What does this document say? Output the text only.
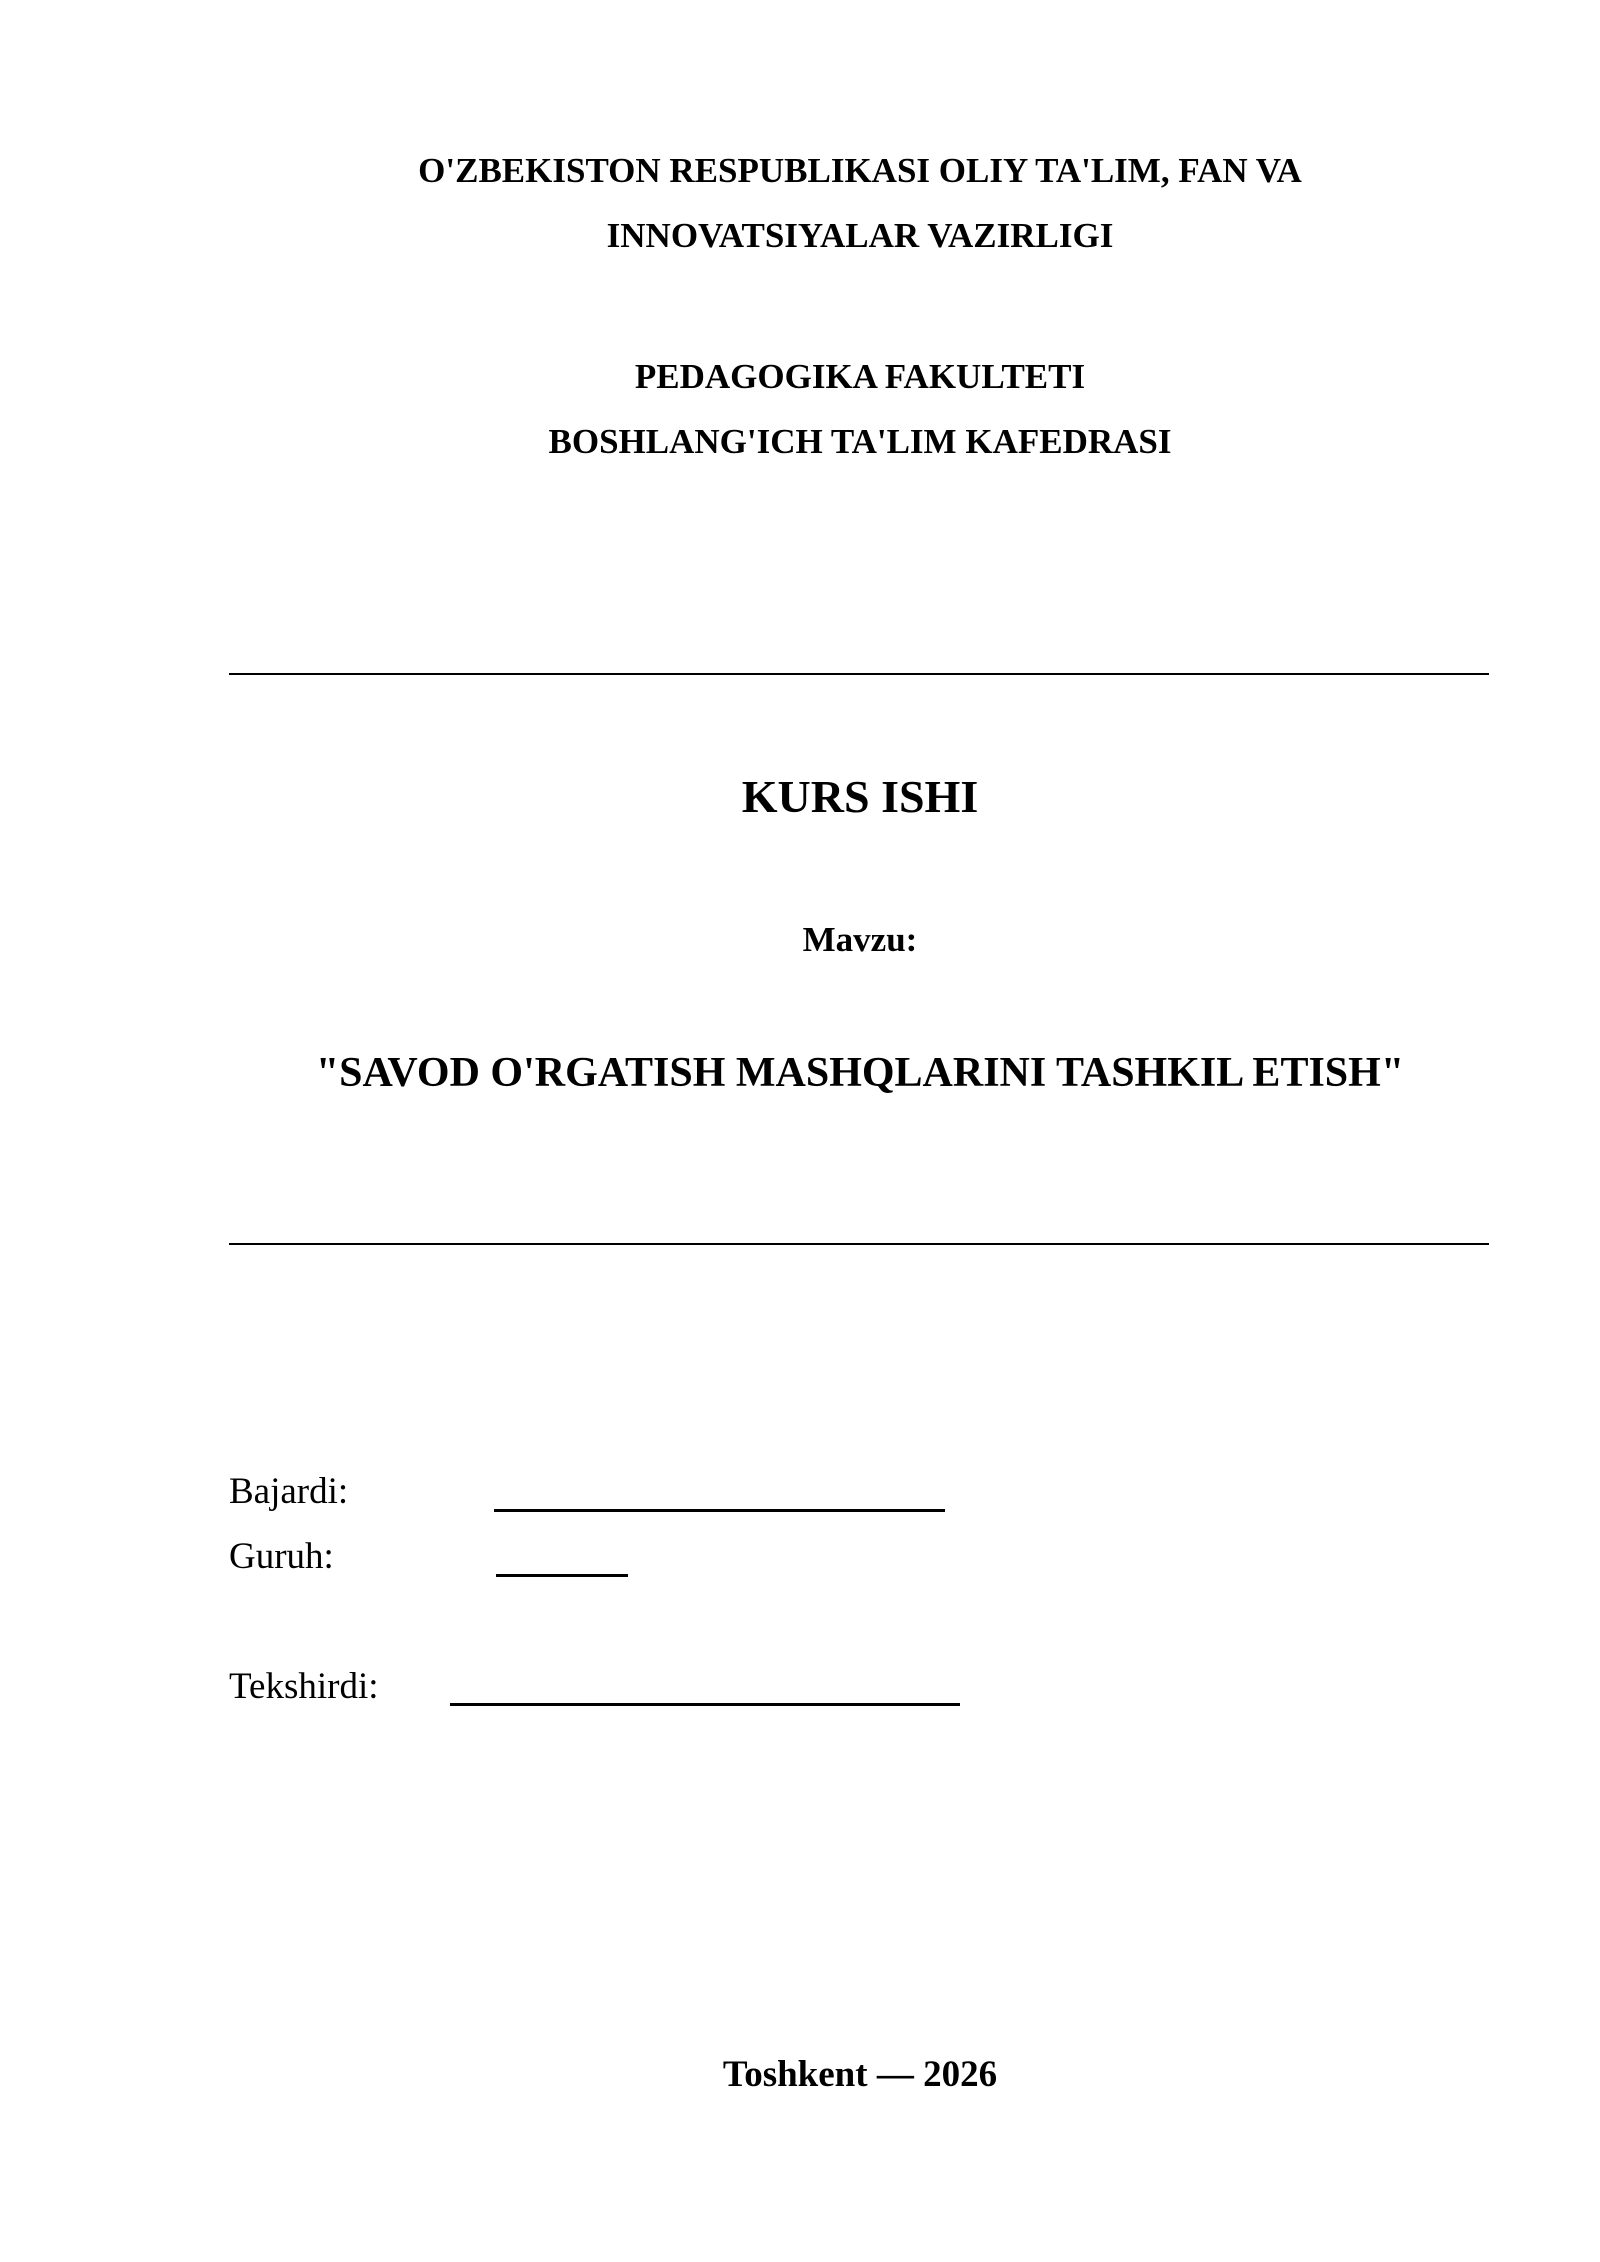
O'ZBEKISTON RESPUBLIKASI OLIY TA'LIM, FAN VA
INNOVATSIYALAR VAZIRLIGI
PEDAGOGIKA FAKULTETI
BOSHLANG'ICH TA'LIM KAFEDRASI
KURS ISHI
Mavzu:
"SAVOD O'RGATISH MASHQLARINI TASHKIL ETISH"
Bajardi:
Guruh:
Tekshirdi:
Toshkent — 2026
